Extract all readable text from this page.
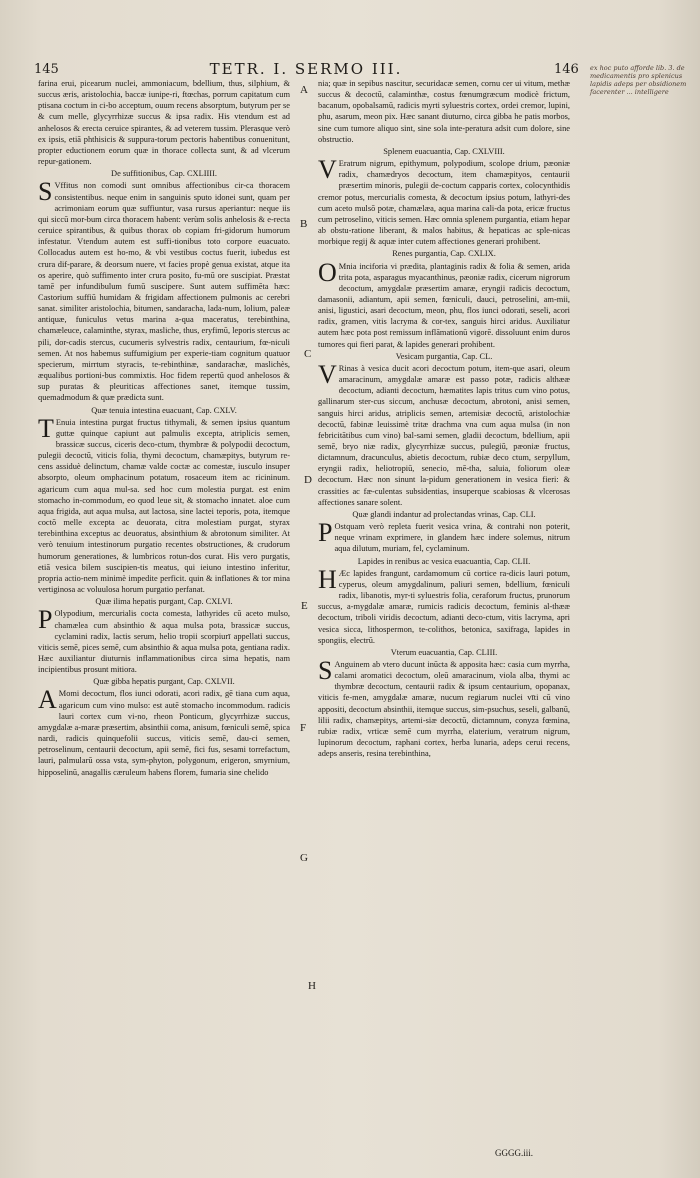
145	TETR. I. SERMO III.	146 ex hoc puto afforde lib. 3. de medicamentis pro splenicus lapidis adeps per obsidionem facerenter ... intelligere

farina erui, picearum nuclei, ammoniacum, bdellium, thus, silphium, & succus æris, aristolochia, baccæ iunipe-ri, ftœchas, porrum capitatum cum ptisana coctum in ci-bo acceptum, ouum recens absorptum, butyrum per se & cum melle, glycyrrhizæ succus & ipsa radix. His vtendum est ad anhelosos & erecta ceruice spirantes, & ad veterem tussim. Plerasque verò ex ipsis, etiā phthisicis & suppura-torum pectoris habentibus conuenitunt, propter eductionem eorum quæ in thorace collecta sunt, & ad vlcerum repur-gationem.

De suffitionibus, Cap. CXLIIII.

S Vffitus non comodi sunt omnibus affectionibus cir-ca thoracem consistentibus. neque enim in sanguinis sputo idonei sunt, quam per acrimoniam eorum quæ suffiuntur, vasa rursus aperiantur: neque iis qui siccū mor-bum circa thoracem habent: verùm solis anhelosis & e-recta ceruice spirantibus, & quibus thorax ob copiam fri-gidorum humorum infestatur. Vtendum autem est suffi-tionibus toto corpore euacuato. Collocadus autem est ho-mo, & vbi vestibus coctus fuerit, iubedus est crura dif-parare, & deorsum nuere, vt facies propè genua existat, atque ita os aperire, quò suffimento inter crura posito, fu-mū ore suscipiat. Præstat tamē per infundibulum fumū suscipere. Sunt autem suffimēta hæc: Castorium suffiū humidam & frigidam affectionem pulmonis ac cerebri sanat. similiter aristolochia, bitumen, sandaracha, lada-num, lolium, paleæ antiquæ, funiculus vetus marina a-qua maceratus, terebinthina, chamæleuce, calaminthe, styrax, masliche, thus, eryfimū, leporis stercus ac pili, dor-cadis stercus, cucumeris sylvestris radix, centaurium, fœ-niculi semen. At nos habemus suffumigium per experie-tiam cognitum quatuor specierum, mirrtum styracis, te-rebinthinæ, sandarachæ, maslichès, æqualibus portioni-bus commixtis. Hoc fidem repertū quod anhelosos & sup puratas & pleuriticas affectiones sanet, itemque tussim, quemadmodum & quæ prædicta sunt.

Quæ tenuia intestina euacuant, Cap. CXLV.

T Enuia intestina purgat fructus tithymali, & semen ipsius quantum guttæ quinque capiunt aut palmulis excepta, atriplicis semen, brassicæ succus, ciceris deco-ctum, thymbræ & polypodii decoctum, pulegii decoctū, viticis folia, thymi decoctum, chamæpitys, butyrum re-cens assiduè delinctum, chamæ valde coctæ ac comestæ, iusculo insuper absorpto, oleum omphacinum potatum, rosaceum item ac ricininum. agaricum cum aqua mul-sa. sed hoc cum molestia purgat. est enim stomacho in-commodum, eo quod leue sit, & stomacho innatet. aloe cum aqua frigida, aut aqua mulsa, aut lactosa, sine lactei teporis, pota, itemque coctō melle excepta ac deuorata, citra molestiam purgat, styrax terebinthina exceptus ac deuoratus, absinthium & abrotonum similiter. At verò tenuium intestinorum purgatio recentes obstructiones, & crudorum humorum generationes, & lumbricos rotun-dos curat. His vero purgatis, etiā vesica bilem suscipien-tis meatus, qui ieiuno intestino inferitur, propria actio-nem minimè impedite perficit. quin & inflationes & tor mina vertiginosa ac voluulosa horum purgatio perfanat.

Quæ ilima hepatis purgant, Cap. CXLVI.

P Olypodium, mercurialis cocta comesta, lathyrides cū aceto mulso, chamælea cum absinthio & aqua mulsa pota, brassicæ succus, cyclamini radix, lactis serum, helio tropii scorpiurī appellati succus, viticis semē, pices semē, cum absinthio & aqua mulsa pota, gentiana radix. Hæc auxiliantur diuturnis inflammationibus circa sima hepatis, nam incipientibus prosunt mitiora.

Quæ gibba hepatis purgant, Cap. CXLVII.

A Momi decoctum, flos iunci odorati, acori radix, gē tiana cum aqua, agaricum cum vino mulso: est autē stomacho incommodum. radicis lauri cortex cum vi-no, rheon Ponticum, glycyrrhizæ succus, amygdalæ a-maræ præsertim, absinthii coma, anisum, fœniculi semē, spica nardi, radicis quinquefolii succus, viticis semē, dau-ci semen, petroselinum, centaurii decoctum, apii semē, fici fus, sesami torrefactum, lauri, palmularū ossa vsta, sym-phyton, polygonum, erigeron, smyrnium, hipposelinū, anagallis cæruleum habens florem, fumaria sine chelido

nia; quæ in sepibus nascitur, securidacæ semen, cornu cer ui vitum, methæ succus & decoctū, calaminthæ, costus fœnumgræcum modicè frictum, bacanum, opobalsamū, radicis myrti syluestris cortex, ordei cremor, lupini, phu, asarum, meon pix. Hæc sanant diuturno, circa gibba he patis morbos, sine cum tumore aliquo sint, sine sola inte-peratura adsit cum dolore, sine obstructio.

Splenem euacuantia, Cap. CXLVIII.

V Eratrum nigrum, epithymum, polypodium, scolope drium, pæoniæ radix, chamædryos decoctum, item chamæpityos, centaurii præsertim minoris, pulegii de-coctum capparis cortex, colocynthidis cremor potus, mercurialis comesta, & decoctum ipsius potum, lathyri-des cum aceto mulsō potæ, chamælæa, aqua marina cali-da pota, ericæ fructus cum petroselino, viticis semen. Hæc omnia splenem purgantia, etiam hepar ab obstu-ratione liberant, & malos habitus, & hepaticas ac sple-nicas morbique regij & aquæ inter cutem affectiones generari prohibent.

Renes purgantia, Cap. CXLIX.

O Mnia inciforia vi prædita, plantaginis radix & folia & semen, arida trita pota, asparagus myacanthinus, pæoniæ radix, cicerum nigrorum decoctum, amygdalæ præsertim amaræ, eryngii radicis decoctum, damasonii, adiantum, apii semen, fœniculi, dauci, petroselini, am-mii, anisi, ligustici, asari decoctum, meon, phu, flos iunci odorati, seseli, acori radix, gramen, vitis lacryma & cor-tex, sanguis hirci aridus. Auxiliatur autem hæc pota post remissum inflāmationū vigorē. dissoluunt enim duros tumores qui fieri parat, & lapides generari prohibent.

Vesicam purgantia, Cap. CL.

V Rinas à vesica ducit acori decoctum potum, item-que asari, oleum amaracinum, amygdalæ amaræ est passo potæ, radicis althææ decoctum, adianti decoctum, hæmatites lapis tritus cum vino potus, gallinarum ster-cus siccum, anchusæ decoctum, abrotoni, anisi semen, sanguis hirci aridus, atriplicis semen, artemisiæ decoctū, aristolochiæ decoctū, fabinæ leuissimè tritæ drachma vna cum aqua mulsa (in non febricitātibus cum vino) bal-sami semen, gladii decoctum, bdellium, apii semē, bryo niæ radix, glycyrrhizæ succus, pulegiū, pæoniæ fructus, dictamnum, dracunculus, abietis decoctum, rubiæ deco ctum, serpyllum, eryngii radix, heliotropiū, senecio, mē-tha, saluia, foliorum oleæ decoctum. Hæc non sinunt la-pidum generationem in vesica fieri: & crassities ac fæ-culentas subsidentias, insuperque scabiosas & vlcerosas affectiones sanare solent.

Quæ glandi indantur ad prolectandas vrinas, Cap. CLI.

P Ostquam verò repleta fuerit vesica vrina, & contrahi non poterit, neque vrinam exprimere, in glandem hæc indere solemus, nitrum aqua dilutum, muriam, fel, cyclaminum.

Lapides in renibus ac vesica euacuantia, Cap. CLII.

H Æc lapides frangunt, cardamomum cū cortice ra-dicis lauri potum, cyperus, oleum amygdalinum, paliuri semen, bdellium, fœniculi radix, libanotis, myr-ti syluestris folia, ceraforum fructus, prunorum succus, a-mygdalæ amaræ, rumicis radicis decoctum, feminis al-thææ decoctum, triboli viridis decoctum, adianti deco-ctum, vitis lacryma, apri vesica sicca, lithospermon, te-colithos, betonica, saxifraga, lapides in spongiis, electrū.

Vterum euacuantia, Cap. CLIII.

S Anguinem ab vtero ducunt inūcta & apposita hæc: casia cum myrrha, calami aromatici decoctum, oleū amaracinum, viola alba, thymi ac thymbræ decoctum, centaurii radix & ipsum centaurium, opopanax, viticis fe-men, amygdalæ amaræ, nucum regiarum nuclei vīti cū vino appositi, decoctum absinthii, itemque succus, sim-psuchus, seseli, galbanū, lilii radix, chamæpitys, artemi-siæ decoctū, dictamnum, conyza fœmina, rubiæ radix, vrticæ semē cum myrrha, elaterium, veratrum nigrum, lupinorum decoctum, raphani cortex, herba lunaria, adeps cerui recens, adeps anseris, resina terebinthina,

A
B
C
D
E
F
G
H
GGGG.iii.
